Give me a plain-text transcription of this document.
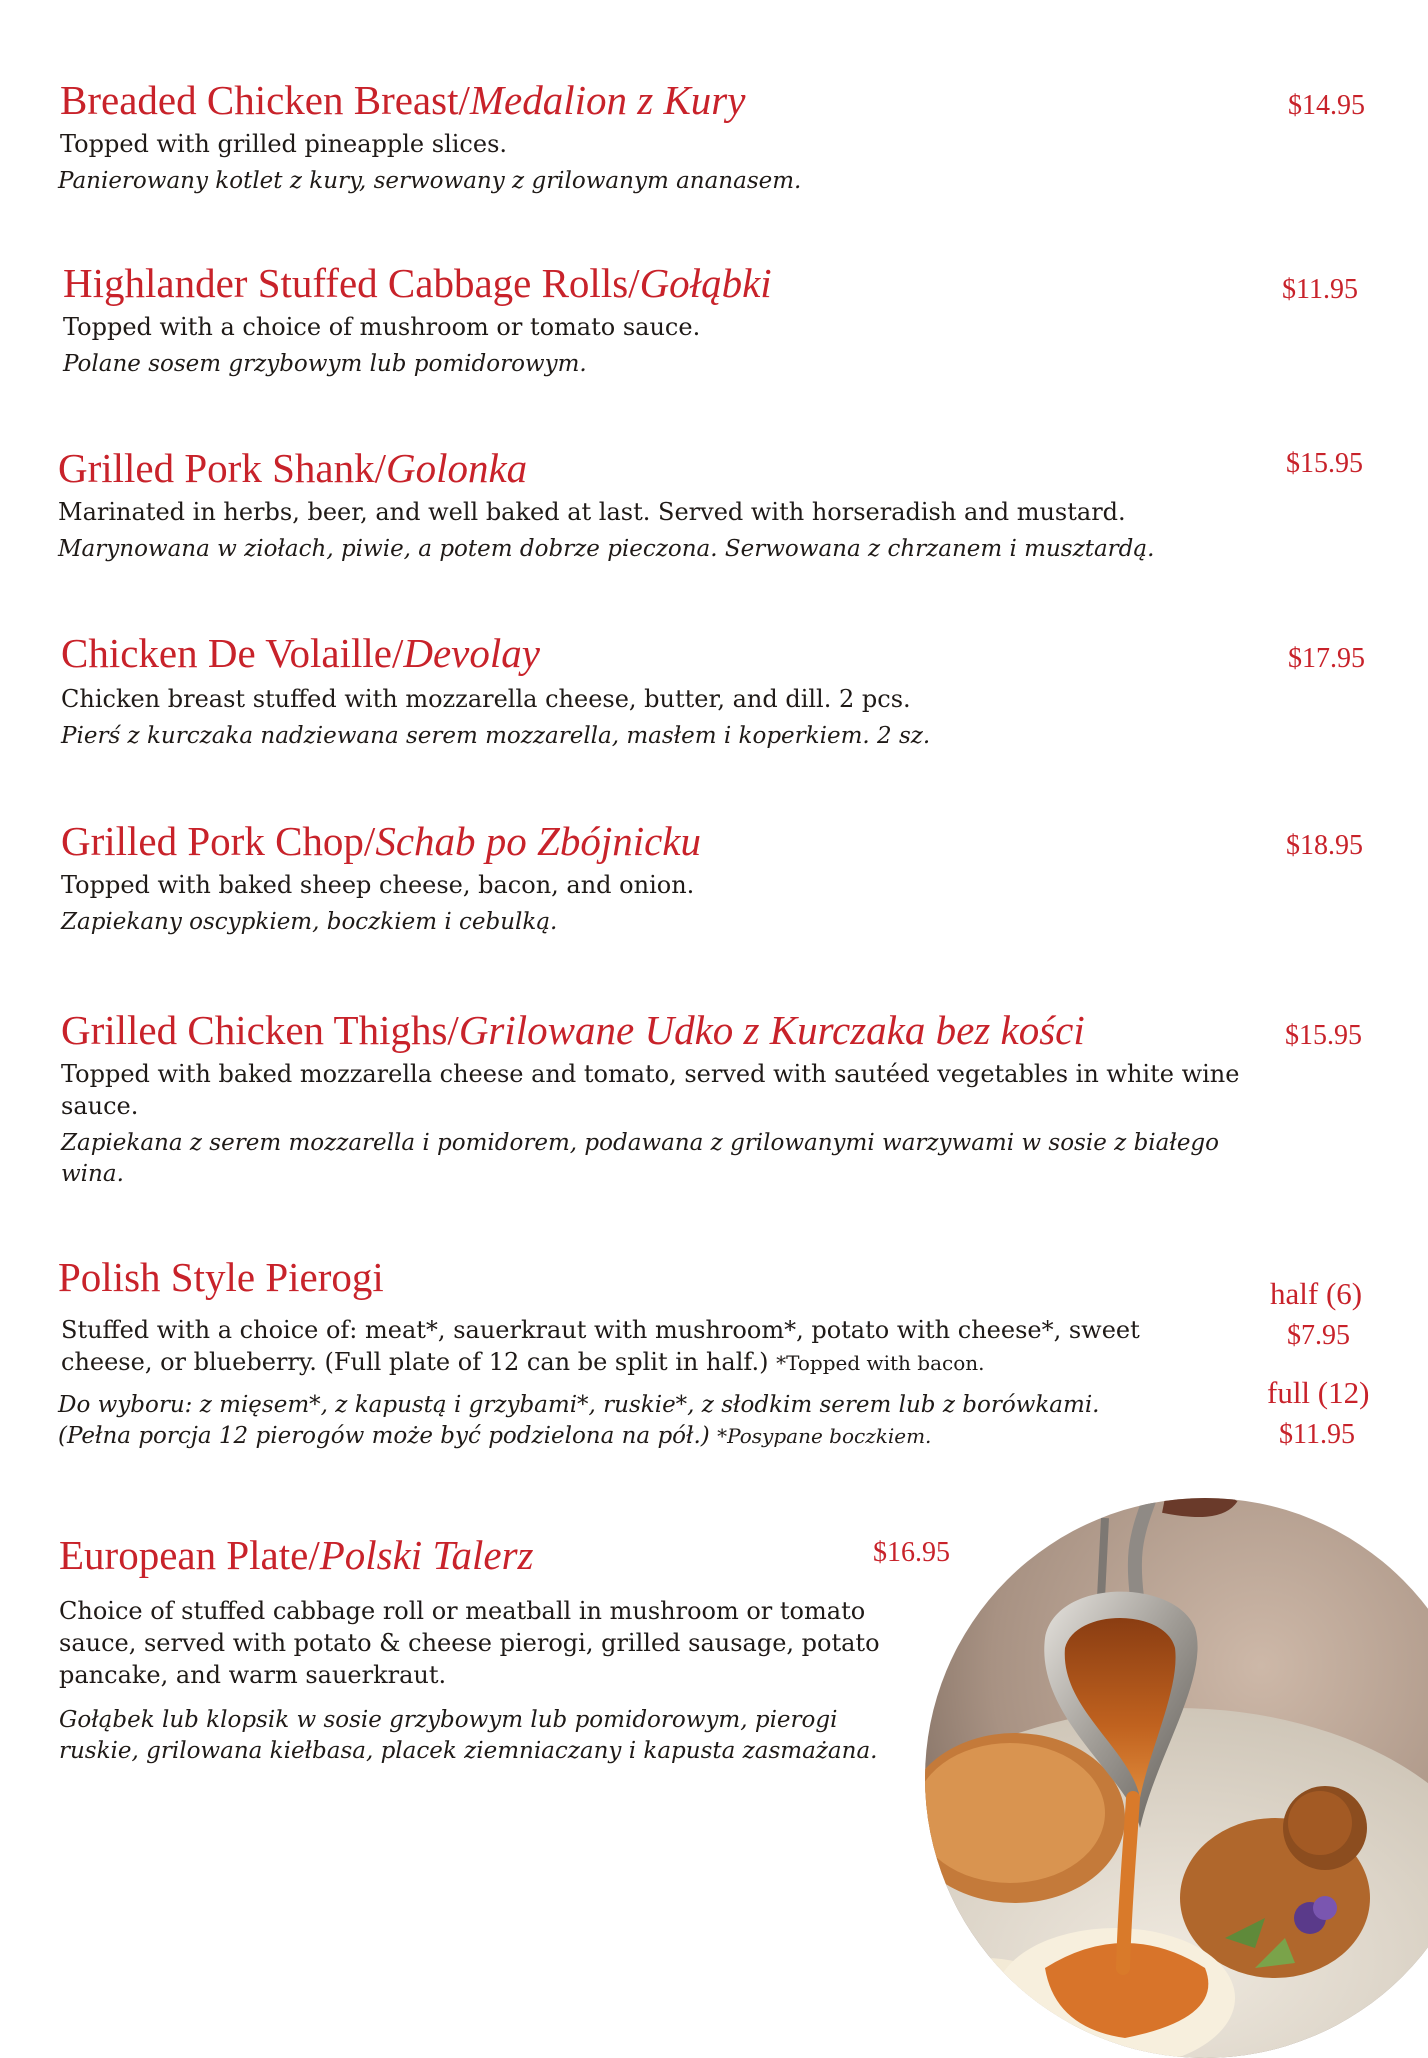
Breaded Chicken Breast/Medalion z Kury
Topped with grilled pineapple slices.
Panierowany kotlet z kury, serwowany z grilowanym ananasem.
$14.95
Highlander Stuffed Cabbage Rolls/Gołąbki
Topped with a choice of mushroom or tomato sauce.
Polane sosem grzybowym lub pomidorowym.
$11.95
Grilled Pork Shank/Golonka
Marinated in herbs, beer, and well baked at last. Served with horseradish and mustard.
Marynowana w ziołach, piwie, a potem dobrze pieczona. Serwowana z chrzanem i musztardą.
$15.95
Chicken De Volaille/Devolay
Chicken breast stuffed with mozzarella cheese, butter, and dill. 2 pcs.
Pierś z kurczaka nadziewana serem mozzarella, masłem i koperkiem. 2 sz.
$17.95
Grilled Pork Chop/Schab po Zbójnicku
Topped with baked sheep cheese, bacon, and onion.
Zapiekany oscypkiem, boczkiem i cebulką.
$18.95
Grilled Chicken Thighs/Grilowane Udko z Kurczaka bez kości
Topped with baked mozzarella cheese and tomato, served with sautéed vegetables in white wine sauce.
Zapiekana z serem mozzarella i pomidorem, podawana z grilowanymi warzywami w sosie z białego wina.
$15.95
Polish Style Pierogi
Stuffed with a choice of: meat*, sauerkraut with mushroom*, potato with cheese*, sweet cheese, or blueberry. (Full plate of 12 can be split in half.) *Topped with bacon.
Do wyboru: z mięsem*, z kapustą i grzybami*, ruskie*, z słodkim serem lub z borówkami. (Pełna porcja 12 pierogów może być podzielona na pół.) *Posypane boczkiem.
half (6)
$7.95
full (12)
$11.95
European Plate/Polski Talerz
Choice of stuffed cabbage roll or meatball in mushroom or tomato sauce, served with potato & cheese pierogi, grilled sausage, potato pancake, and warm sauerkraut.
Gołąbek lub klopsik w sosie grzybowym lub pomidorowym, pierogi ruskie, grilowana kiełbasa, placek ziemniaczany i kapusta zasmażana.
$16.95
